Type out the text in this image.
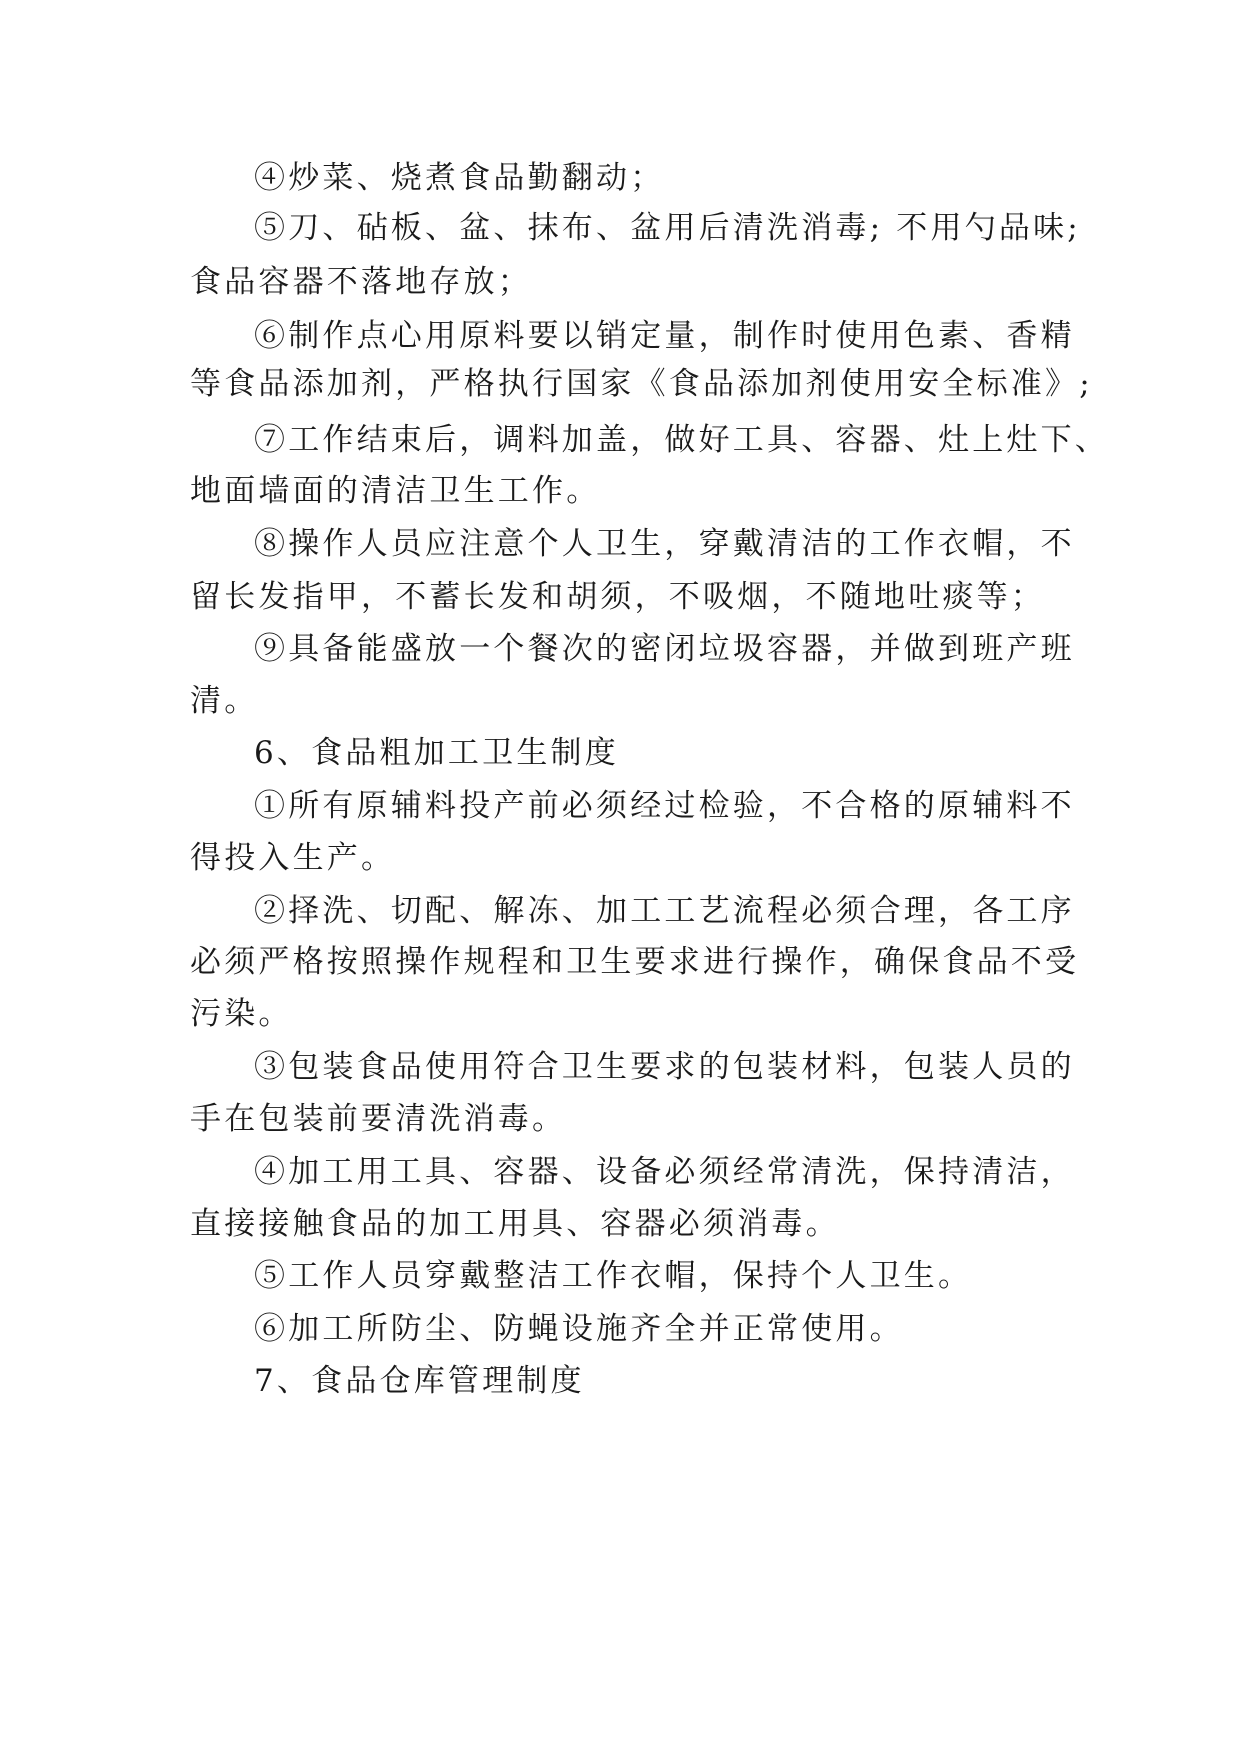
④炒菜、烧煮食品勤翻动；
⑤刀、砧板、盆、抹布、盆用后清洗消毒; 不用勺品味;
食品容器不落地存放；
⑥制作点心用原料要以销定量，制作时使用色素、香精
等食品添加剂，严格执行国家《食品添加剂使用安全标准》;
⑦工作结束后，调料加盖，做好工具、容器、灶上灶下、
地面墙面的清洁卫生工作。
⑧操作人员应注意个人卫生，穿戴清洁的工作衣帽，不
留长发指甲，不蓄长发和胡须，不吸烟，不随地吐痰等；
⑨具备能盛放一个餐次的密闭垃圾容器，并做到班产班
清。
6、食品粗加工卫生制度
①所有原辅料投产前必须经过检验，不合格的原辅料不
得投入生产。
②择洗、切配、解冻、加工工艺流程必须合理，各工序
必须严格按照操作规程和卫生要求进行操作，确保食品不受
污染。
③包装食品使用符合卫生要求的包装材料，包装人员的
手在包装前要清洗消毒。
④加工用工具、容器、设备必须经常清洗，保持清洁，
直接接触食品的加工用具、容器必须消毒。
⑤工作人员穿戴整洁工作衣帽，保持个人卫生。
⑥加工所防尘、防蝇设施齐全并正常使用。
7、食品仓库管理制度
